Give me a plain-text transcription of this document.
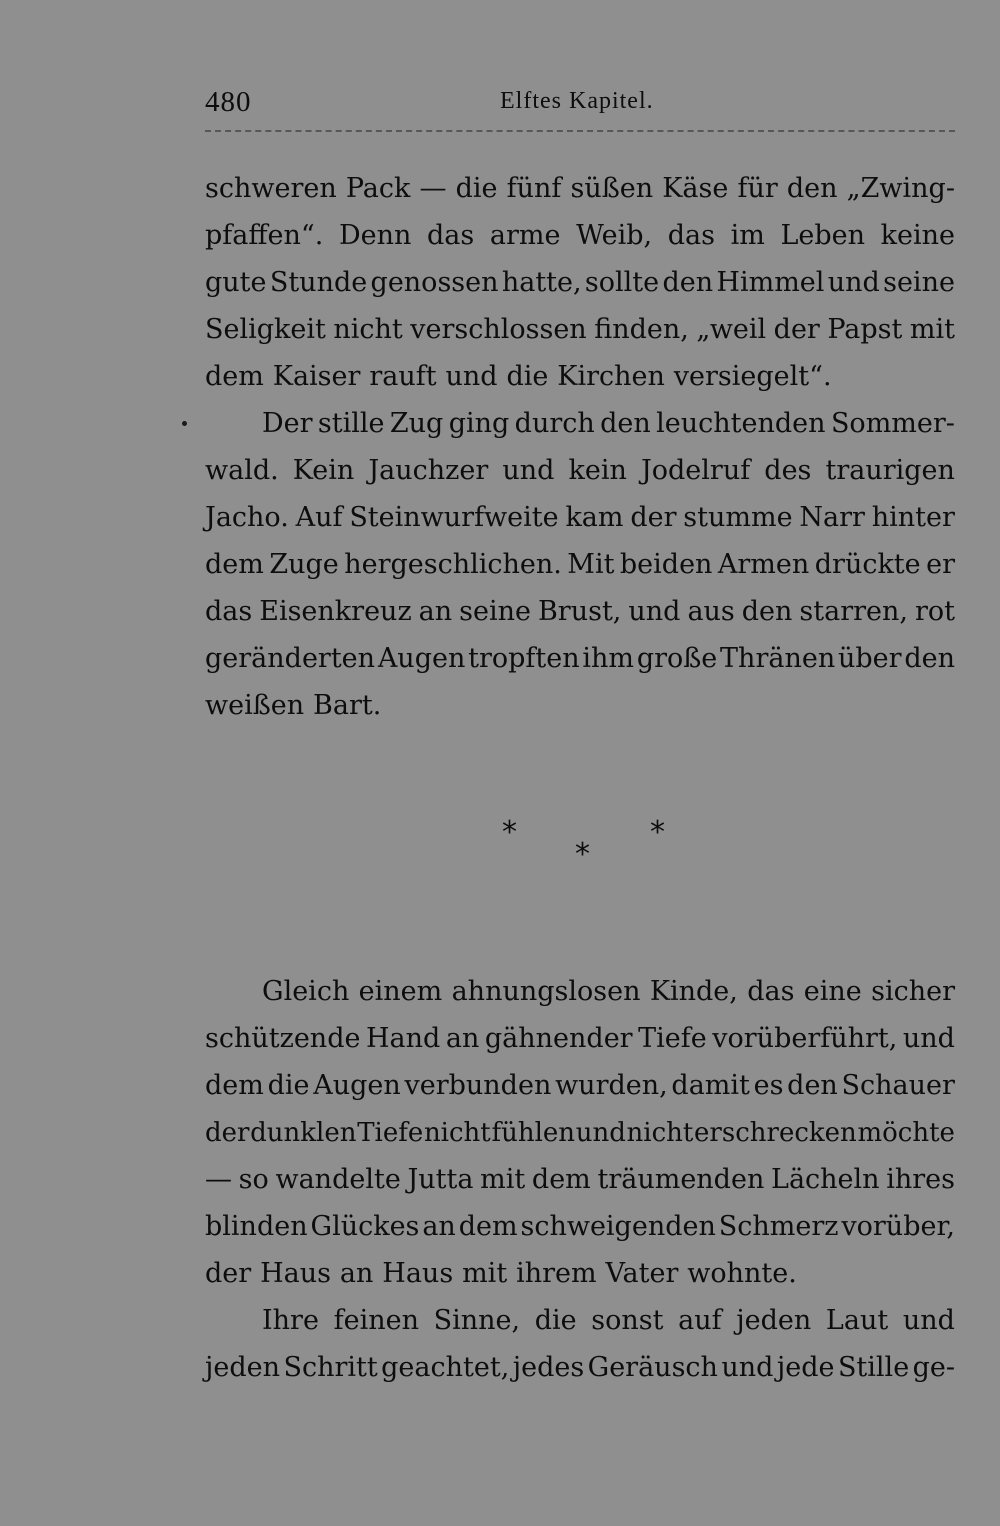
480	Elftes Kapitel.
schweren Pack — die fünf süßen Käse für den „Zwing-
pfaffen“. Denn das arme Weib, das im Leben keine
gute Stunde genossen hatte, sollte den Himmel und seine
Seligkeit nicht verschlossen finden, „weil der Papst mit
dem Kaiser rauft und die Kirchen versiegelt“.
Der stille Zug ging durch den leuchtenden Sommer-
wald. Kein Jauchzer und kein Jodelruf des traurigen
Jacho. Auf Steinwurfweite kam der stumme Narr hinter
dem Zuge hergeschlichen. Mit beiden Armen drückte er
das Eisenkreuz an seine Brust, und aus den starren, rot
geränderten Augen tropften ihm große Thränen über den
weißen Bart.
*	*
*
Gleich einem ahnungslosen Kinde, das eine sicher
schützende Hand an gähnender Tiefe vorüberführt, und
dem die Augen verbunden wurden, damit es den Schauer
der dunklen Tiefe nicht fühlen und nicht erschrecken möchte
— so wandelte Jutta mit dem träumenden Lächeln ihres
blinden Glückes an dem schweigenden Schmerz vorüber,
der Haus an Haus mit ihrem Vater wohnte.
Ihre feinen Sinne, die sonst auf jeden Laut und
jeden Schritt geachtet, jedes Geräusch und jede Stille ge-
